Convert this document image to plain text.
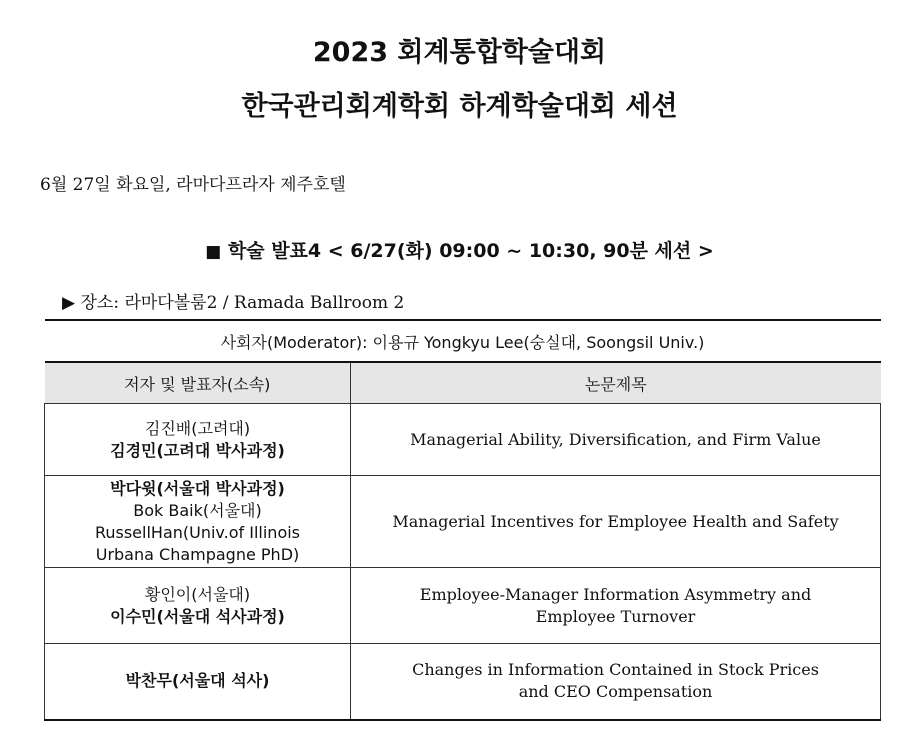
2023 회계통합학술대회
한국관리회계학회 하계학술대회 세션
6월 27일 화요일, 라마다프라자 제주호텔
■ 학술 발표4 < 6/27(화) 09:00 ~ 10:30, 90분 세션 >
▶ 장소: 라마다볼룸2 / Ramada Ballroom 2
사회자(Moderator): 이용규 Yongkyu Lee(숭실대, Soongsil Univ.)	
저자 및 발표자(소속)	논문제목

김진배(고려대)
김경민(고려대 박사과정)	Managerial Ability, Diversification, and Firm Value

박다윗(서울대 박사과정)
Bok Baik(서울대)
RussellHan(Univ.of Illinois
Urbana Champagne PhD)	Managerial Incentives for Employee Health and Safety

황인이(서울대)
이수민(서울대 석사과정)	Employee-Manager Information Asymmetry and
Employee Turnover

박찬무(서울대 석사)	Changes in Information Contained in Stock Prices
and CEO Compensation
